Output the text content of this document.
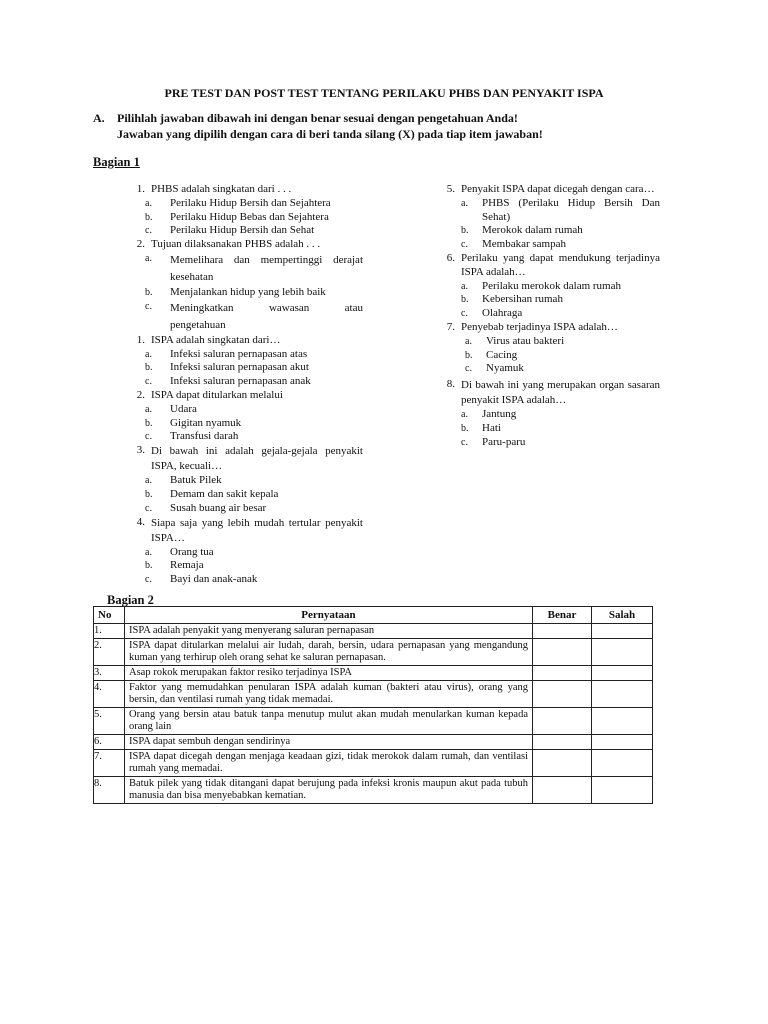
PRE TEST DAN POST TEST TENTANG PERILAKU PHBS DAN PENYAKIT ISPA
A. Pilihlah jawaban dibawah ini dengan benar sesuai dengan pengetahuan Anda!
Jawaban yang dipilih dengan cara di beri tanda silang (X) pada tiap item jawaban!
Bagian 1
1. PHBS adalah singkatan dari . . .
a.	Perilaku Hidup Bersih dan Sejahtera
b.	Perilaku Hidup Bebas dan Sejahtera
c.	Perilaku Hidup Bersih dan Sehat
2. Tujuan dilaksanakan PHBS adalah . . .
a.	Memelihara dan mempertinggi derajat kesehatan
b.	Menjalankan hidup yang lebih baik
c.	Meningkatkan wawasan atau pengetahuan
1. ISPA adalah singkatan dari…
a.	Infeksi saluran pernapasan atas
b.	Infeksi saluran pernapasan akut
c.	Infeksi saluran pernapasan anak
2. ISPA dapat ditularkan melalui
a.	Udara
b.	Gigitan nyamuk
c.	Transfusi darah
3. Di bawah ini adalah gejala-gejala penyakit ISPA, kecuali…
a.	Batuk Pilek
b.	Demam dan sakit kepala
c.	Susah buang air besar
4. Siapa saja yang lebih mudah tertular penyakit ISPA…
a.	Orang tua
b.	Remaja
c.	Bayi dan anak-anak
5. Penyakit ISPA dapat dicegah dengan cara…
a.	PHBS (Perilaku Hidup Bersih Dan Sehat)
b.	Merokok dalam rumah
c.	Membakar sampah
6. Perilaku yang dapat mendukung terjadinya ISPA adalah…
a.	Perilaku merokok dalam rumah
b.	Kebersihan rumah
c.	Olahraga
7. Penyebab terjadinya ISPA adalah…
a.	Virus atau bakteri
b.	Cacing
c.	Nyamuk
8. Di bawah ini yang merupakan organ sasaran penyakit ISPA adalah…
a.	Jantung
b.	Hati
c.	Paru-paru
Bagian 2
No	Pernyataan	Benar	Salah
1.	ISPA adalah penyakit yang menyerang saluran pernapasan		
2.	ISPA dapat ditularkan melalui air ludah, darah, bersin, udara pernapasan yang mengandung kuman yang terhirup oleh orang sehat ke saluran pernapasan.		
3.	Asap rokok merupakan faktor resiko terjadinya ISPA		
4.	Faktor yang memudahkan penularan ISPA adalah kuman (bakteri atau virus), orang yang bersin, dan ventilasi rumah yang tidak memadai.		
5.	Orang yang bersin atau batuk tanpa menutup mulut akan mudah menularkan kuman kepada orang lain		
6.	ISPA dapat sembuh dengan sendirinya		
7.	ISPA dapat dicegah dengan menjaga keadaan gizi, tidak merokok dalam rumah, dan ventilasi rumah yang memadai.		
8.	Batuk pilek yang tidak ditangani dapat berujung pada infeksi kronis maupun akut pada tubuh manusia dan bisa menyebabkan kematian.		
